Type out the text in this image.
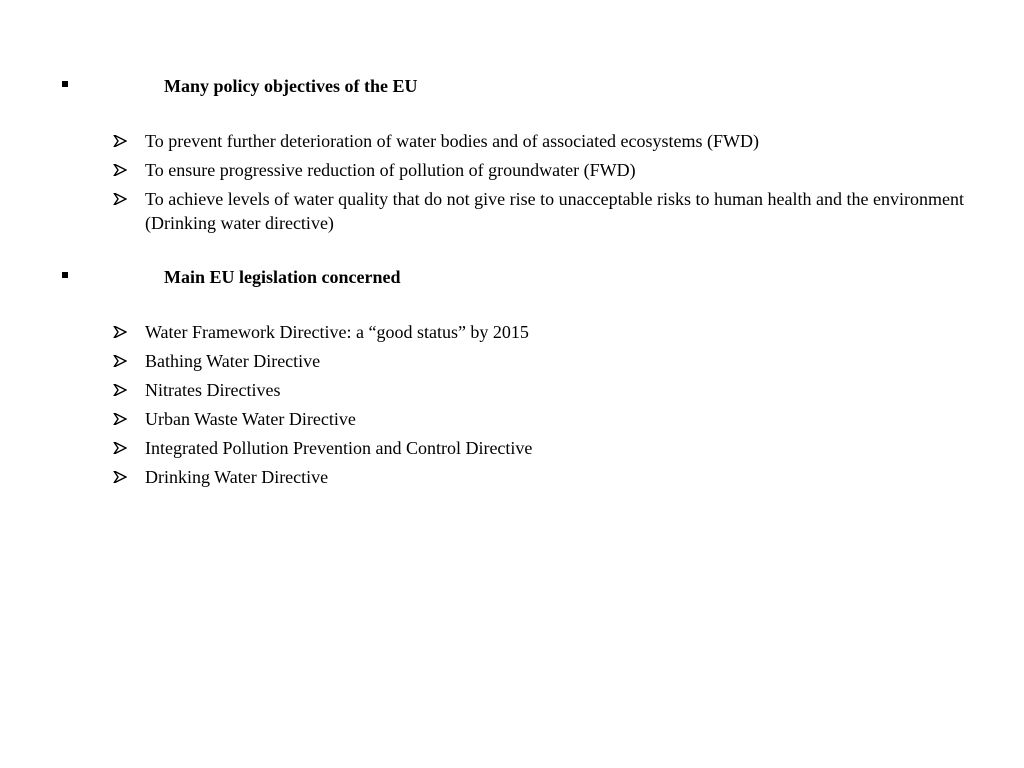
Many policy objectives of the EU
To prevent further deterioration of water bodies and of associated ecosystems (FWD)
To ensure progressive reduction of pollution of groundwater (FWD)
To achieve levels of water quality that do not give rise to unacceptable risks to human health and the environment (Drinking water directive)
Main EU legislation concerned
Water Framework Directive: a “good status” by 2015
Bathing Water Directive
Nitrates Directives
Urban Waste Water Directive
Integrated Pollution Prevention and Control Directive
Drinking Water Directive
